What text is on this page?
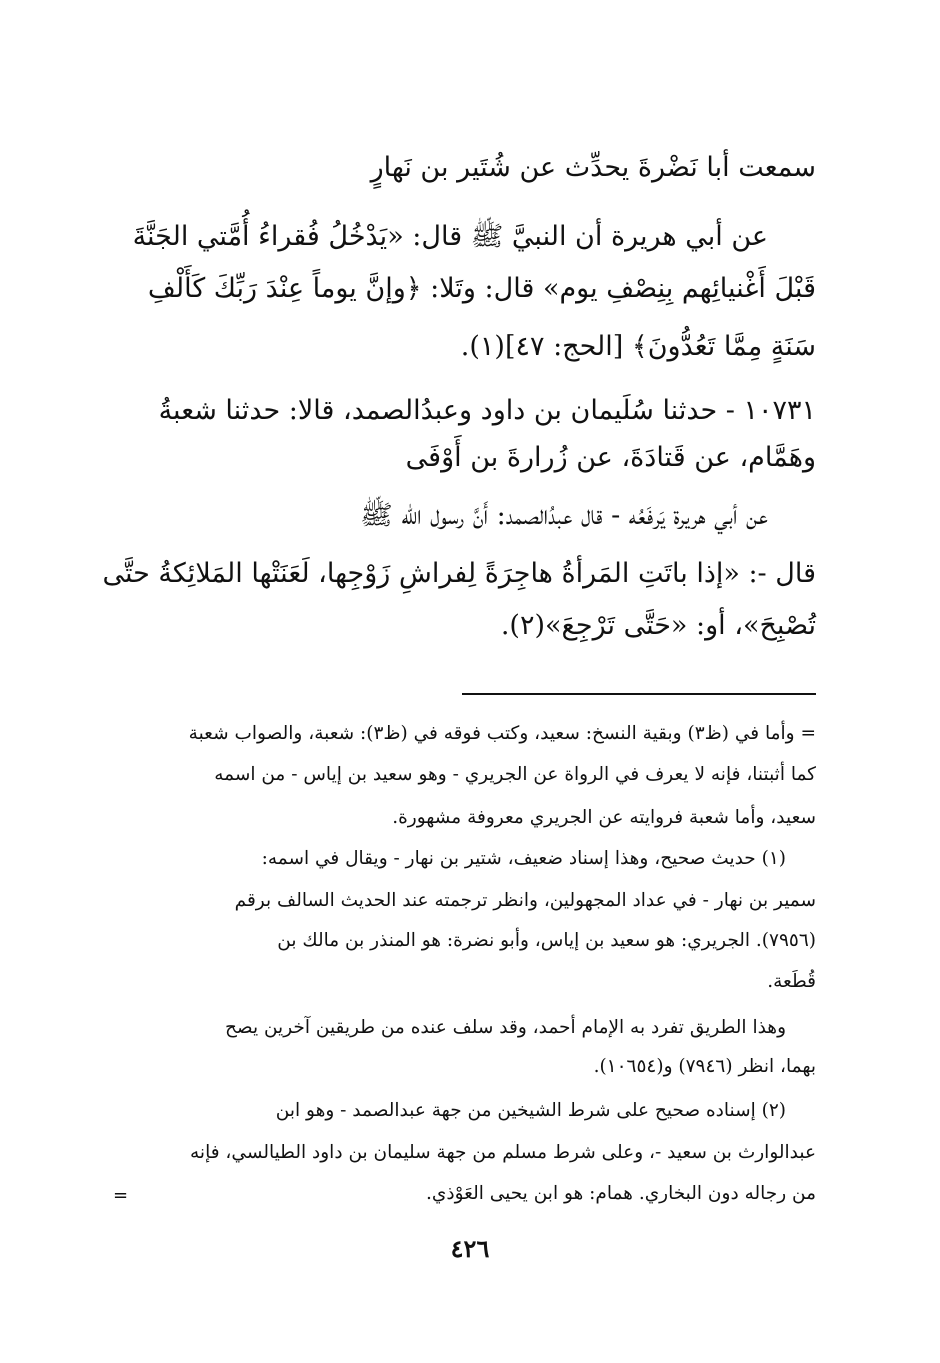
سمعت أبا نَضْرةَ يحدِّث عن شُتَير بن نَهارٍ
عن أبي هريرة أن النبيَّ ﷺ قال: «يَدْخُلُ فُقراءُ أُمَّتي الجَنَّةَ
قَبْلَ أَغْنيائِهم بِنِصْفِ يوم» قال: وتَلا: ﴿وإنَّ يوماً عِنْدَ رَبِّكَ كَأَلْفِ
سَنَةٍ مِمَّا تَعُدُّونَ﴾ [الحج: ٤٧](١).
١٠٧٣١ - حدثنا سُلَيمان بن داود وعبدُالصمد، قالا: حدثنا شعبةُ
وهَمَّام، عن قَتادَةَ، عن زُرارةَ بن أَوْفَى
عن أبي هريرة يَرفَعُه - قال عبدُالصمد: أَنَّ رسول الله ﷺ
قال -: «إذا باتَتِ المَرأةُ هاجِرَةً لِفراشِ زَوْجِها، لَعَنَتْها المَلائِكةُ حتَّى
تُصْبِحَ»، أو: «حَتَّى تَرْجِعَ»(٢).
= وأما في (ظ٣) وبقية النسخ: سعيد، وكتب فوقه في (ظ٣): شعبة، والصواب شعبة
كما أثبتنا، فإنه لا يعرف في الرواة عن الجريري - وهو سعيد بن إياس - من اسمه
سعيد، وأما شعبة فروايته عن الجريري معروفة مشهورة.
(١) حديث صحيح، وهذا إسناد ضعيف، شتير بن نهار - ويقال في اسمه:
سمير بن نهار - في عداد المجهولين، وانظر ترجمته عند الحديث السالف برقم
(٧٩٥٦). الجريري: هو سعيد بن إياس، وأبو نضرة: هو المنذر بن مالك بن
قُطَعة.
وهذا الطريق تفرد به الإمام أحمد، وقد سلف عنده من طريقين آخرين يصح
بهما، انظر (٧٩٤٦) و(١٠٦٥٤).
(٢) إسناده صحيح على شرط الشيخين من جهة عبدالصمد - وهو ابن
عبدالوارث بن سعيد -، وعلى شرط مسلم من جهة سليمان بن داود الطيالسي، فإنه
من رجاله دون البخاري. همام: هو ابن يحيى العَوْذي.
=
٤٢٦
